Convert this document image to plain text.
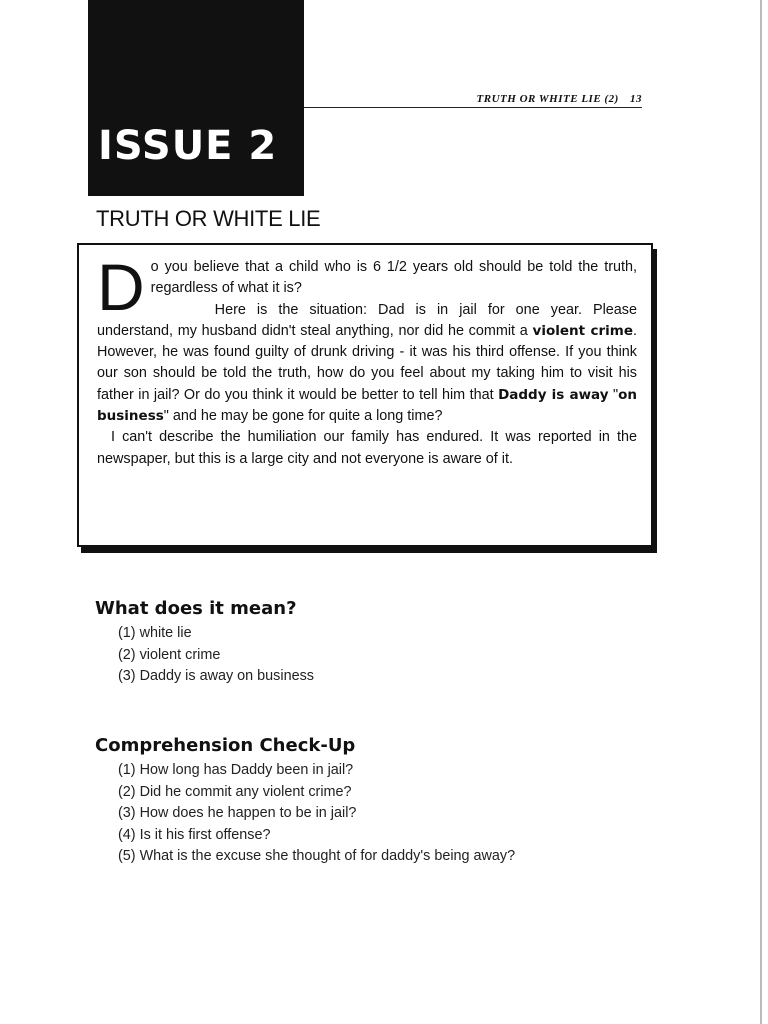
ISSUE 2
TRUTH OR WHITE LIE (2) 13
TRUTH OR WHITE LIE
D o you believe that a child who is 6 1/2 years old should be told the truth, regardless of what it is?

Here is the situation: Dad is in jail for one year. Please understand, my husband didn't steal anything, nor did he commit a violent crime. However, he was found guilty of drunk driving - it was his third offense. If you think our son should be told the truth, how do you feel about my taking him to visit his father in jail? Or do you think it would be better to tell him that Daddy is away "on business" and he may be gone for quite a long time?

I can't describe the humiliation our family has endured. It was reported in the newspaper, but this is a large city and not everyone is aware of it.

What does it mean?
(1) white lie
(2) violent crime
(3) Daddy is away on business
Comprehension Check-Up
(1) How long has Daddy been in jail?
(2) Did he commit any violent crime?
(3) How does he happen to be in jail?
(4) Is it his first offense?
(5) What is the excuse she thought of for daddy's being away?
